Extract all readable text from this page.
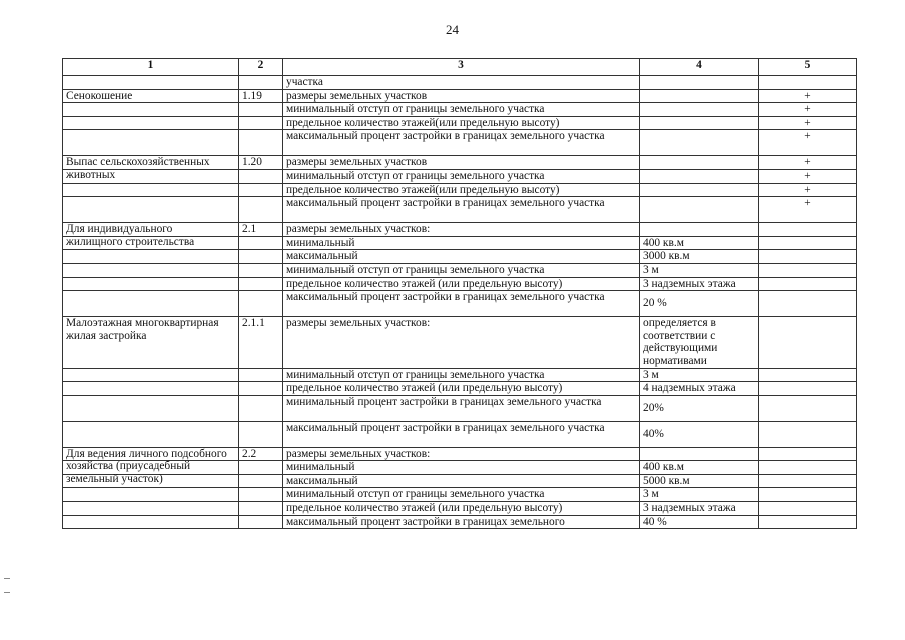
24
1	2	3	4	5

		участка		

Сенокошение	1.19	размеры земельных участков		+
		минимальный отступ от границы земельного участка		+
		предельное количество этажей(или предельную высоту)		+
		максимальный процент застройки в границах земельного участка		+

Выпас сельскохозяйственных животных	1.20	размеры земельных участков		+
		минимальный отступ от границы земельного участка		+
		предельное количество этажей(или предельную высоту)		+
		максимальный процент застройки в границах земельного участка		+

Для индивидуального жилищного строительства	2.1	размеры земельных участков:		
		минимальный	400 кв.м	
		максимальный	3000 кв.м	
		минимальный отступ от границы земельного участка	3 м	
		предельное количество этажей (или предельную высоту)	3 надземных этажа	
		максимальный процент застройки в границах земельного участка	20 %	

Малоэтажная многоквартирная жилая застройка	2.1.1	размеры земельных участков:	определяется в соответствии с действующими нормативами	
		минимальный отступ от границы земельного участка	3 м	
		предельное количество этажей (или предельную высоту)	4 надземных этажа	
		минимальный процент застройки в границах земельного участка	20%	
		максимальный процент застройки в границах земельного участка	40%	

Для ведения личного подсобного хозяйства (приусадебный земельный участок)	2.2	размеры земельных участков:		
		минимальный	400 кв.м	
		максимальный	5000 кв.м	
		минимальный отступ от границы земельного участка	3 м	
		предельное количество этажей (или предельную высоту)	3 надземных этажа	
		максимальный процент застройки в границах земельного	40 %	
